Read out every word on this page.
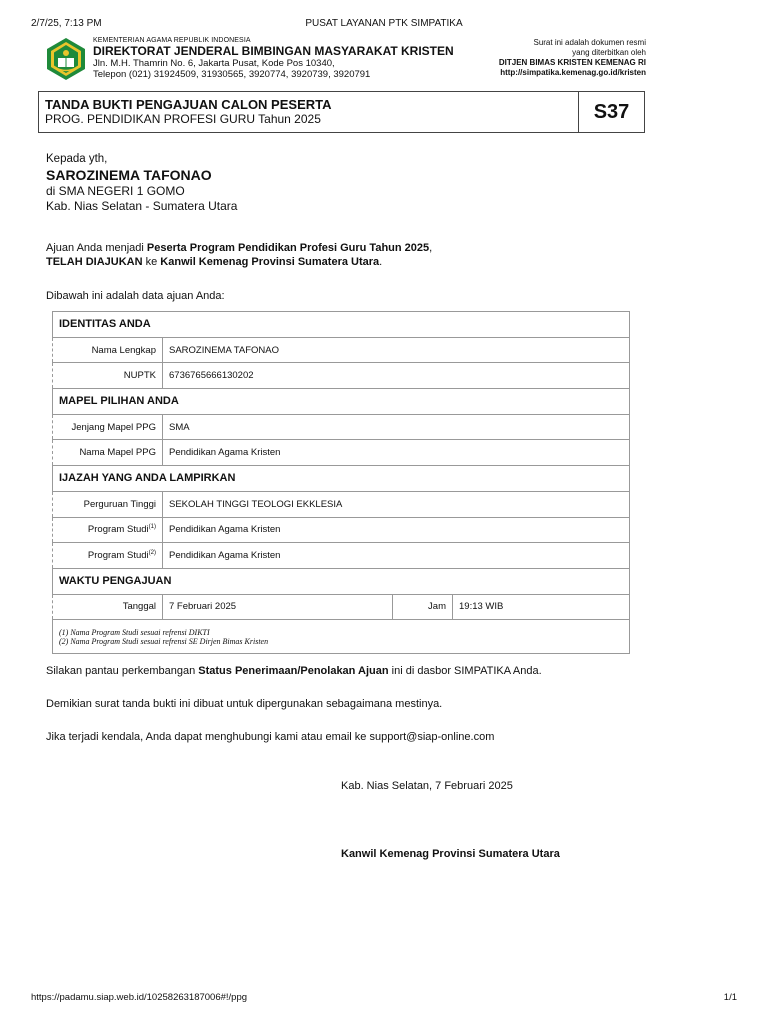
2/7/25, 7:13 PM	PUSAT LAYANAN PTK SIMPATIKA
KEMENTERIAN AGAMA REPUBLIK INDONESIA
DIREKTORAT JENDERAL BIMBINGAN MASYARAKAT KRISTEN
Jln. M.H. Thamrin No. 6, Jakarta Pusat, Kode Pos 10340,
Telepon (021) 31924509, 31930565, 3920774, 3920739, 3920791
Surat ini adalah dokumen resmi
yang diterbitkan oleh
DITJEN BIMAS KRISTEN KEMENAG RI
http://simpatika.kemenag.go.id/kristen
TANDA BUKTI PENGAJUAN CALON PESERTA
PROG. PENDIDIKAN PROFESI GURU Tahun 2025	S37
Kepada yth,
SAROZINEMA TAFONAO
di SMA NEGERI 1 GOMO
Kab. Nias Selatan - Sumatera Utara
Ajuan Anda menjadi Peserta Program Pendidikan Profesi Guru Tahun 2025,
TELAH DIAJUKAN ke Kanwil Kemenag Provinsi Sumatera Utara.
Dibawah ini adalah data ajuan Anda:
IDENTITAS ANDA			
Nama Lengkap	SAROZINEMA TAFONAO		
NUPTK	6736765666130202		
MAPEL PILIHAN ANDA			
Jenjang Mapel PPG	SMA		
Nama Mapel PPG	Pendidikan Agama Kristen		
IJAZAH YANG ANDA LAMPIRKAN			
Perguruan Tinggi	SEKOLAH TINGGI TEOLOGI EKKLESIA		
Program Studi$^{(1)}$	Pendidikan Agama Kristen		
Program Studi$^{(2)}$	Pendidikan Agama Kristen		
WAKTU PENGAJUAN			
Tanggal	7 Februari 2025	Jam	19:13 WIB

(1) Nama Program Studi sesuai refrensi DIKTI
(2) Nama Program Studi sesuai refrensi SE Dirjen Bimas Kristen			
Silakan pantau perkembangan Status Penerimaan/Penolakan Ajuan ini di dasbor SIMPATIKA Anda.
Demikian surat tanda bukti ini dibuat untuk dipergunakan sebagaimana mestinya.
Jika terjadi kendala, Anda dapat menghubungi kami atau email ke support@siap-online.com
Kab. Nias Selatan, 7 Februari 2025
Kanwil Kemenag Provinsi Sumatera Utara
https://padamu.siap.web.id/10258263187006#!/ppg	1/1
